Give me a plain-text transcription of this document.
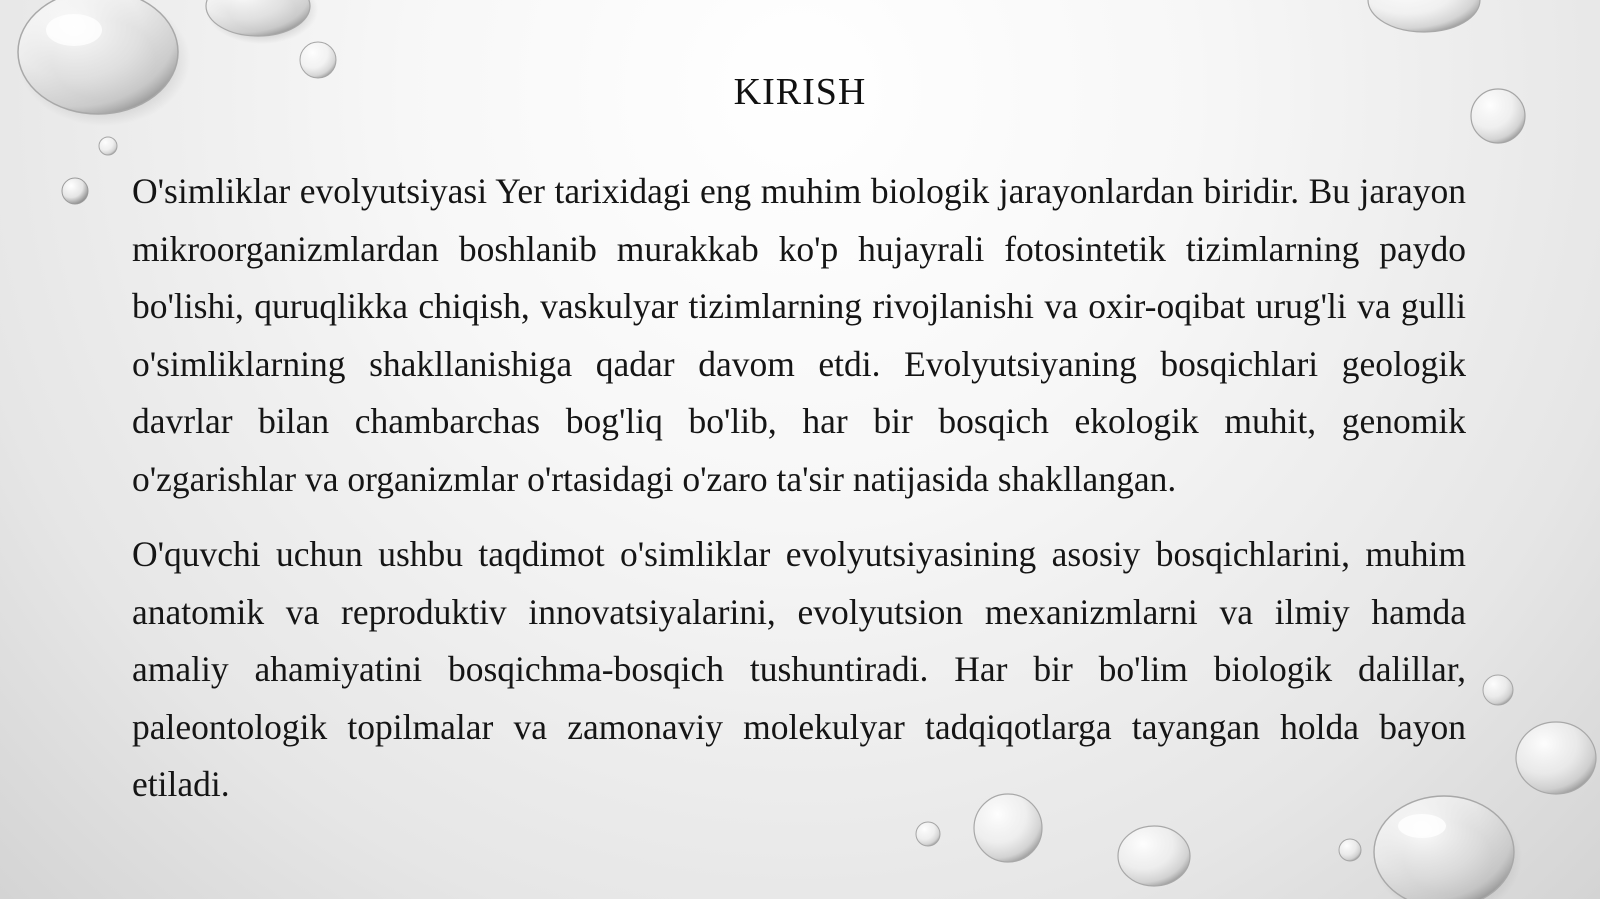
KIRISH

O'simliklar evolyutsiyasi Yer tarixidagi eng muhim biologik jarayonlardan biridir. Bu jarayon mikroorganizmlardan boshlanib murakkab ko'p hujayrali fotosintetik tizimlarning paydo bo'lishi, quruqlikka chiqish, vaskulyar tizimlarning rivojlanishi va oxir-oqibat urug'li va gulli o'simliklarning shakllanishiga qadar davom etdi. Evolyutsiyaning bosqichlari geologik davrlar bilan chambarchas bog'liq bo'lib, har bir bosqich ekologik muhit, genomik o'zgarishlar va organizmlar o'rtasidagi o'zaro ta'sir natijasida shakllangan.

O'quvchi uchun ushbu taqdimot o'simliklar evolyutsiyasining asosiy bosqichlarini, muhim anatomik va reproduktiv innovatsiyalarini, evolyutsion mexanizmlarni va ilmiy hamda amaliy ahamiyatini bosqichma-bosqich tushuntiradi. Har bir bo'lim biologik dalillar, paleontologik topilmalar va zamonaviy molekulyar tadqiqotlarga tayangan holda bayon etiladi.
